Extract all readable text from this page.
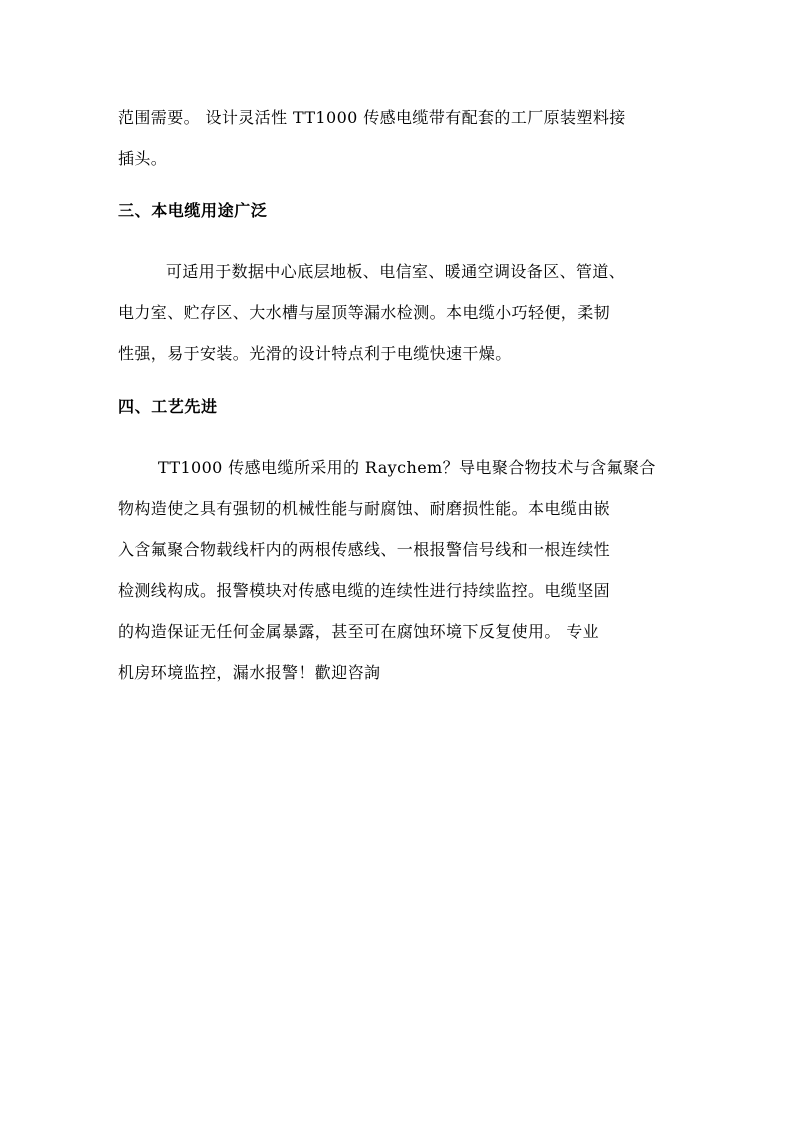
范围需要。 设计灵活性 TT1000 传感电缆带有配套的工厂原装塑料接
插头。
三、本电缆用途广泛
可适用于数据中心底层地板、电信室、暖通空调设备区、管道、
电力室、贮存区、大水槽与屋顶等漏水检测。本电缆小巧轻便，柔韧
性强，易于安装。光滑的设计特点利于电缆快速干燥。
四、工艺先进
TT1000 传感电缆所采用的 Raychem？导电聚合物技术与含氟聚合
物构造使之具有强韧的机械性能与耐腐蚀、耐磨损性能。本电缆由嵌
入含氟聚合物载线杆内的两根传感线、一根报警信号线和一根连续性
检测线构成。报警模块对传感电缆的连续性进行持续监控。电缆坚固
的构造保证无任何金属暴露，甚至可在腐蚀环境下反复使用。 专业
机房环境监控，漏水报警！歡迎咨詢
